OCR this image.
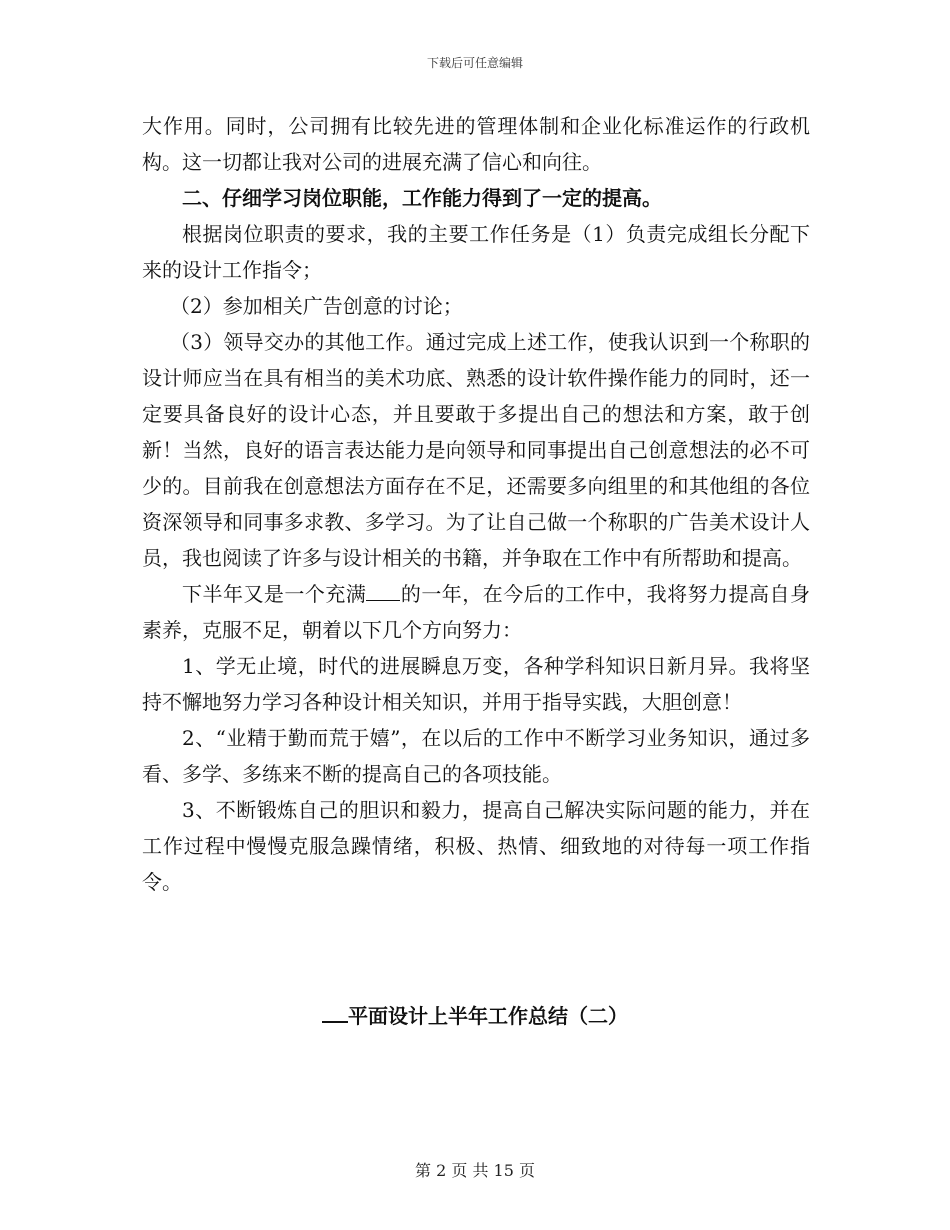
下载后可任意编辑

大作用。同时，公司拥有比较先进的管理体制和企业化标准运作的行政机构。这一切都让我对公司的进展充满了信心和向往。

二、仔细学习岗位职能，工作能力得到了一定的提高。

根据岗位职责的要求，我的主要工作任务是（1）负责完成组长分配下来的设计工作指令；

（2）参加相关广告创意的讨论；

（3）领导交办的其他工作。通过完成上述工作，使我认识到一个称职的设计师应当在具有相当的美术功底、熟悉的设计软件操作能力的同时，还一定要具备良好的设计心态，并且要敢于多提出自己的想法和方案，敢于创新！当然，良好的语言表达能力是向领导和同事提出自己创意想法的必不可少的。目前我在创意想法方面存在不足，还需要多向组里的和其他组的各位资深领导和同事多求教、多学习。为了让自己做一个称职的广告美术设计人员，我也阅读了许多与设计相关的书籍，并争取在工作中有所帮助和提高。

下半年又是一个充满 的一年，在今后的工作中，我将努力提高自身素养，克服不足，朝着以下几个方向努力：

1、学无止境，时代的进展瞬息万变，各种学科知识日新月异。我将坚持不懈地努力学习各种设计相关知识，并用于指导实践，大胆创意！

2、“业精于勤而荒于嬉”，在以后的工作中不断学习业务知识，通过多看、多学、多练来不断的提高自己的各项技能。

3、不断锻炼自己的胆识和毅力，提高自己解决实际问题的能力，并在工作过程中慢慢克服急躁情绪，积极、热情、细致地的对待每一项工作指令。

平面设计上半年工作总结（二）
第 2 页 共 15 页
